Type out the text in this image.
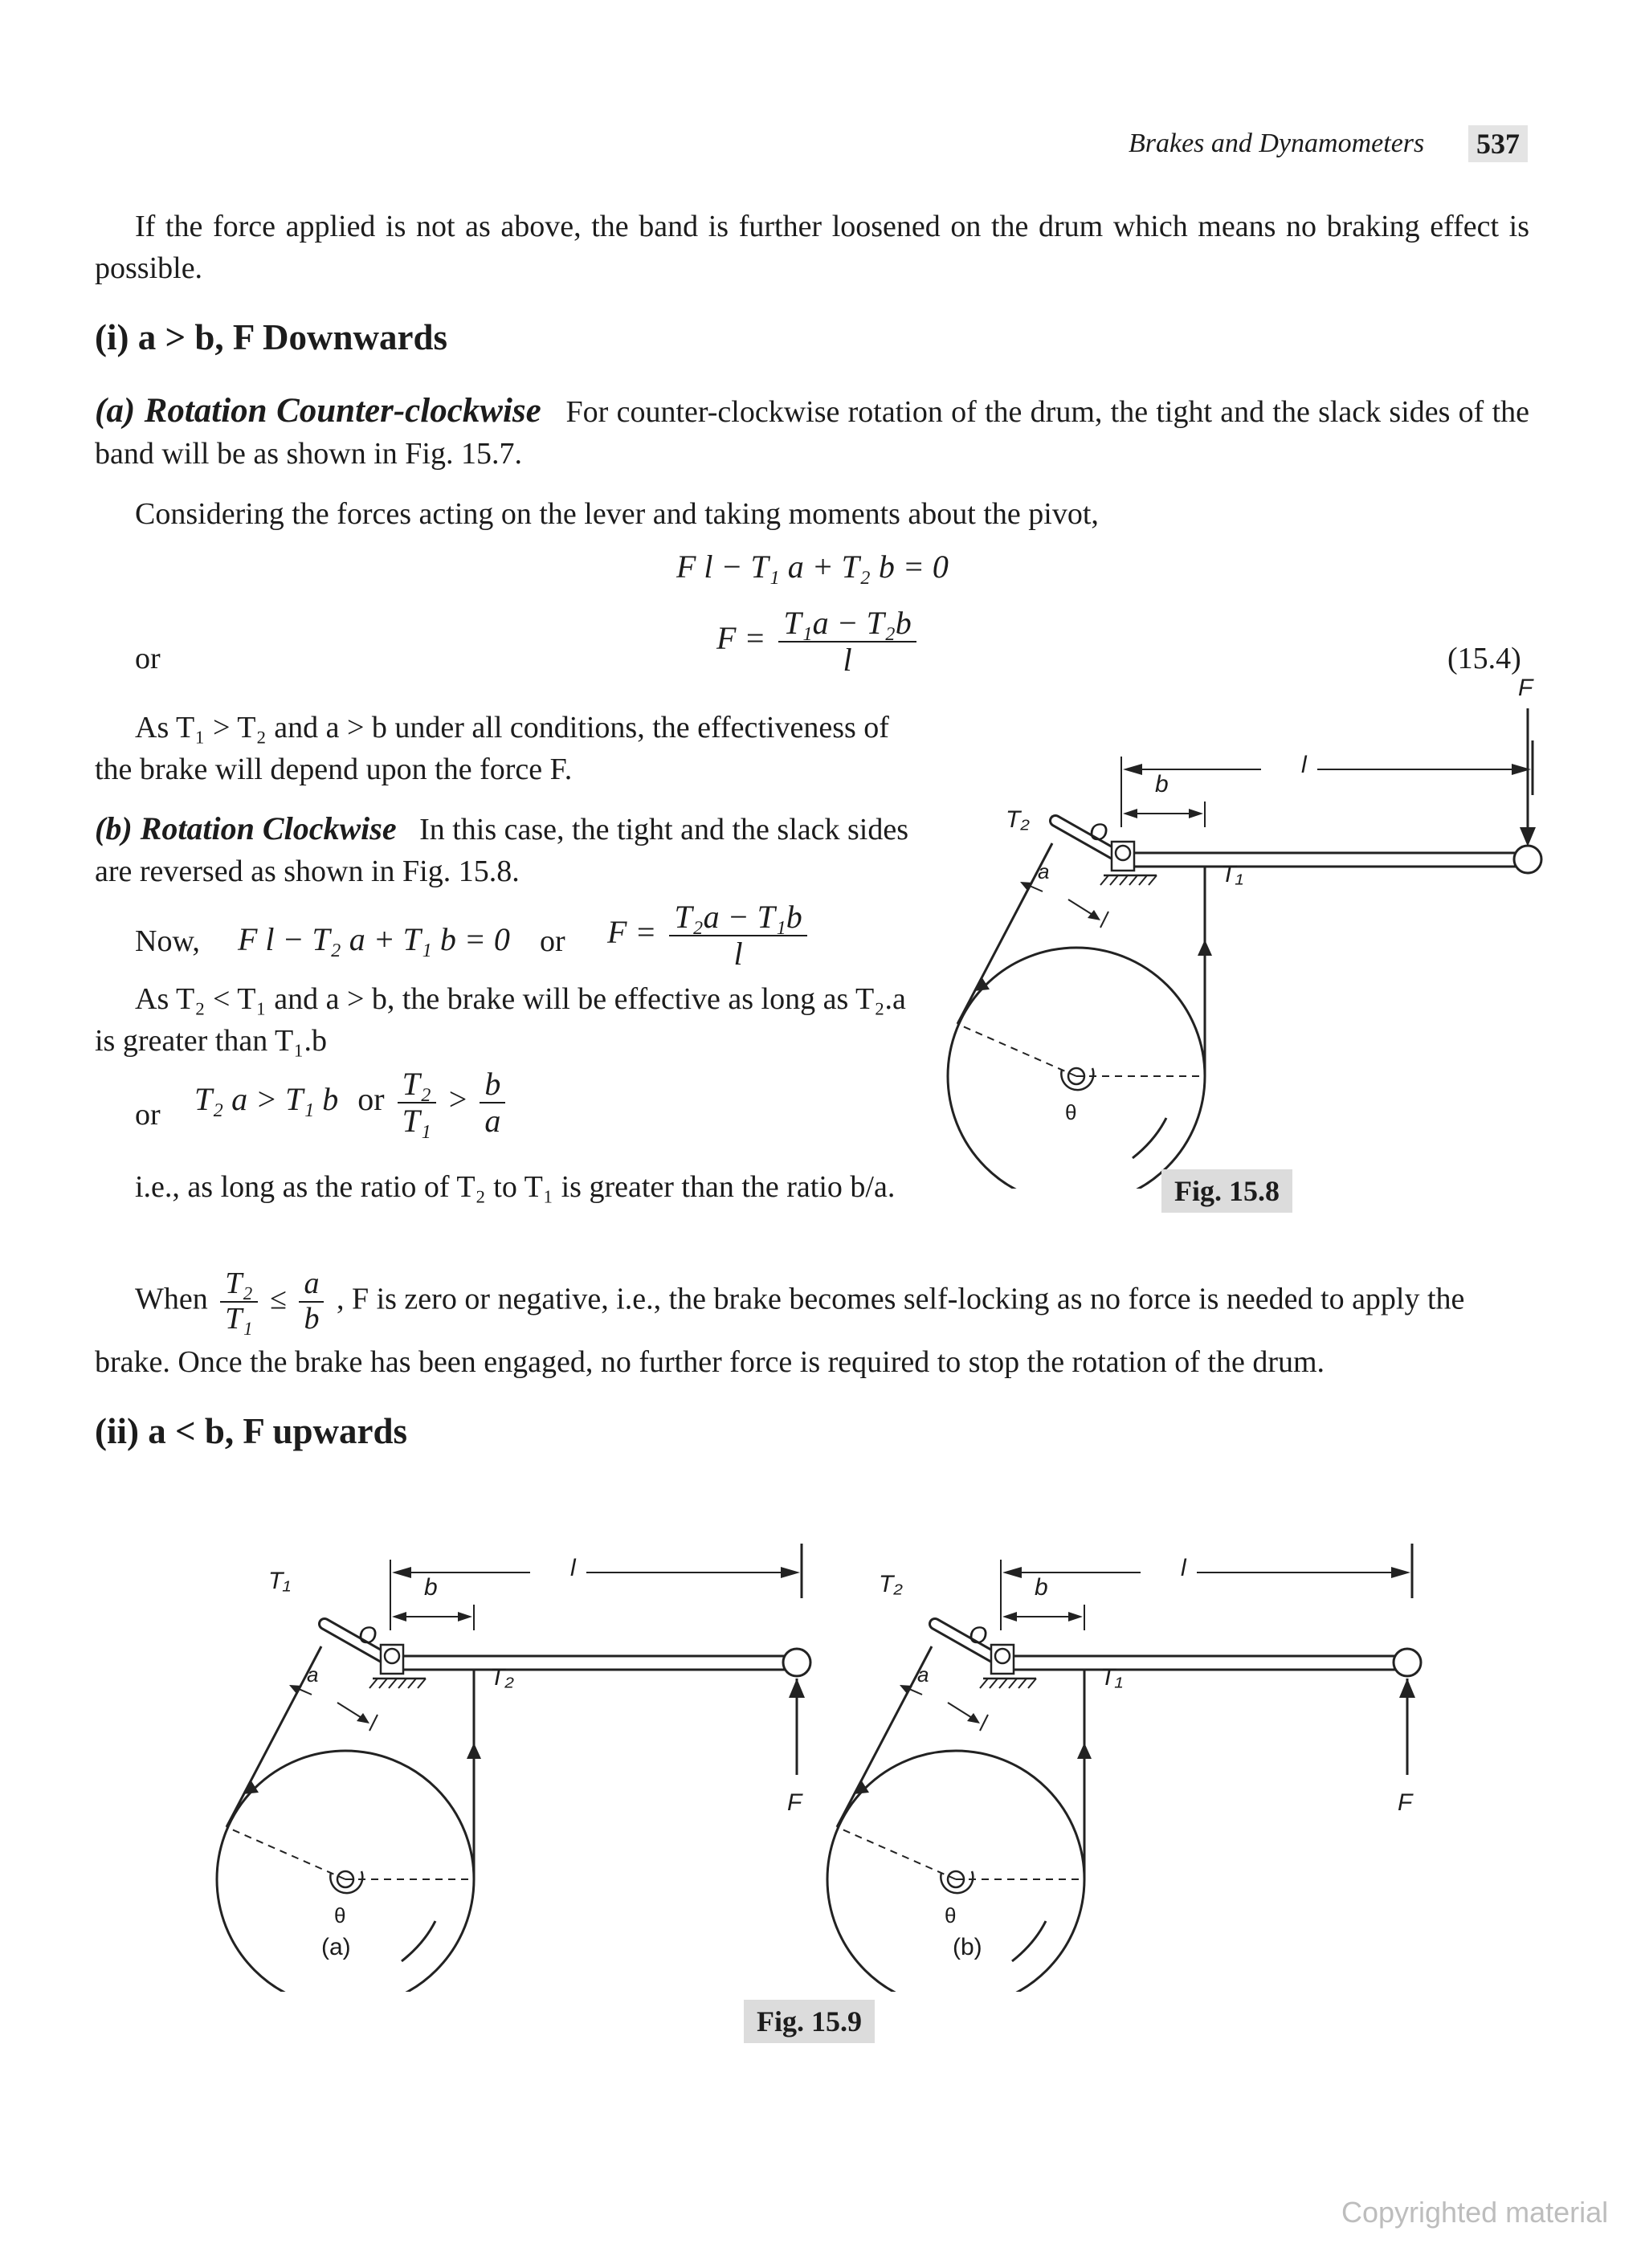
Brakes and Dynamometers 537
If the force applied is not as above, the band is further loosened on the drum which means no braking effect is possible.
(i) a > b, F Downwards
(a) Rotation Counter-clockwise For counter-clockwise rotation of the drum, the tight and the slack sides of the band will be as shown in Fig. 15.7.
Considering the forces acting on the lever and taking moments about the pivot,
F l − T₁ a + T₂ b = 0
or
$F = \frac{\text{T₁a − T₂b}}{l}$	(15.4)
As T₁ > T₂ and a > b under all conditions, the effectiveness of the brake will depend upon the force F.
(b) Rotation Clockwise In this case, the tight and the slack sides are reversed as shown in Fig. 15.8.
Now, F l − T₂ a + T₁ b = 0 or $F = \frac{\text{T₂a − T₁b}}{l}$
As T₂ < T₁ and a > b, the brake will be effective as long as T₂.a is greater than T₁.b
or T₂ a > T₁ b or $\frac{\text{T₂}}{\text{T₁}} > \frac{b}{a}$
i.e., as long as the ratio of T₂ to T₁ is greater than the ratio b/a.
When $\frac{\text{T₂}}{\text{T₁}} \le \frac{a}{b}$ , F is zero or negative, i.e., the brake becomes self-locking as no force is needed to apply the
brake. Once the brake has been engaged, no further force is required to stop the rotation of the drum.
(ii) a < b, F upwards
l
b
a
F
O
T₂
T₁
θ
Fig. 15.8
l
b
a
F
O
T₁
T₂
θ
(a)
l
b
a
F
O
T₂
T₁
θ
(b)
Fig. 15.9
Copyrighted material
